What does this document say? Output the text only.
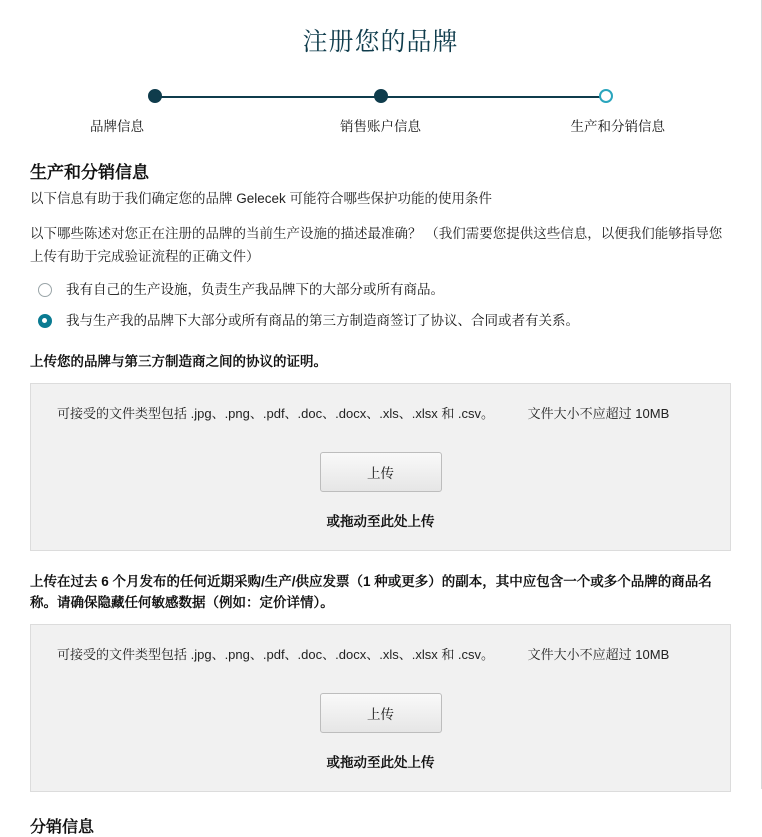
注册您的品牌
品牌信息	销售账户信息	生产和分销信息
生产和分销信息

以下信息有助于我们确定您的品牌 Gelecek 可能符合哪些保护功能的使用条件

以下哪些陈述对您正在注册的品牌的当前生产设施的描述最准确？ （我们需要您提供这些信息，以便我们能够指导您上传有助于完成验证流程的正确文件）

我有自己的生产设施，负责生产我品牌下的大部分或所有商品。
我与生产我的品牌下大部分或所有商品的第三方制造商签订了协议、合同或者有关系。
上传您的品牌与第三方制造商之间的协议的证明。
可接受的文件类型包括 .jpg、.png、.pdf、.doc、.docx、.xls、.xlsx 和 .csv。	文件大小不应超过 10MB
上传
或拖动至此处上传
上传在过去 6 个月发布的任何近期采购/生产/供应发票（1 种或更多）的副本，其中应包含一个或多个品牌的商品名称。请确保隐藏任何敏感数据（例如：定价详情）。
可接受的文件类型包括 .jpg、.png、.pdf、.doc、.docx、.xls、.xlsx 和 .csv。	文件大小不应超过 10MB
上传
或拖动至此处上传
分销信息
